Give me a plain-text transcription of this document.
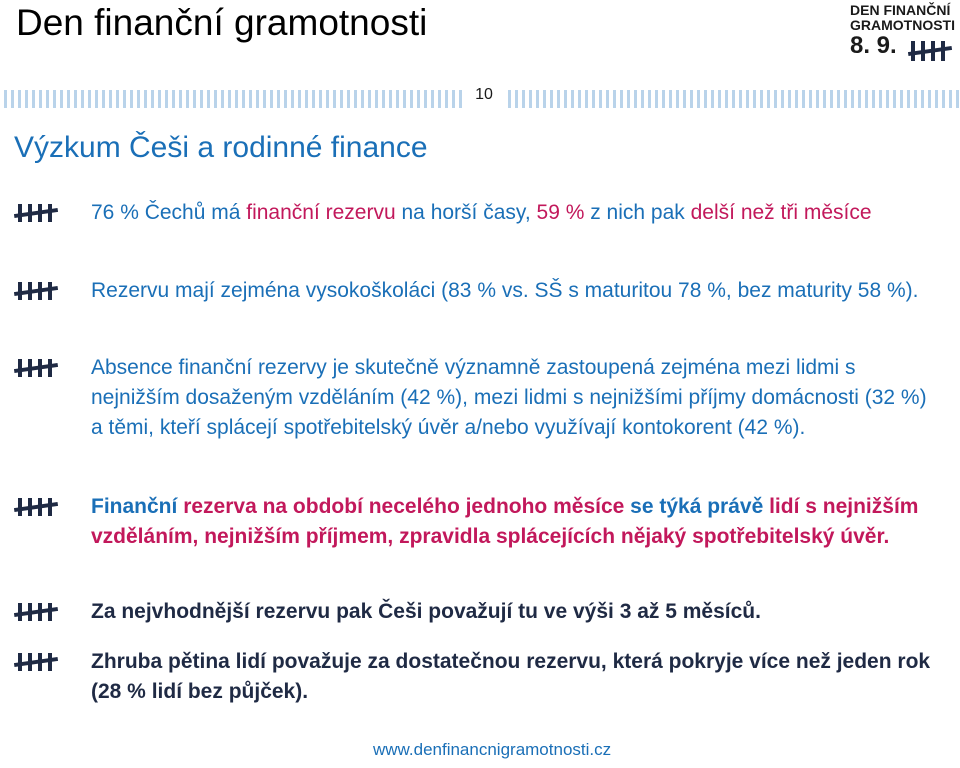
Den finanční gramotnosti	DEN FINANČNÍ
GRAMOTNOSTI
8. 9.
10
Výzkum Češi a rodinné finance
76 % Čechů má finanční rezervu na horší časy, 59 % z nich pak delší než tři měsíce
Rezervu mají zejména vysokoškoláci (83 % vs. SŠ s maturitou 78 %, bez maturity 58 %).
Absence finanční rezervy je skutečně významně zastoupená zejména mezi lidmi s nejnižším dosaženým vzděláním (42 %), mezi lidmi s nejnižšími příjmy domácnosti (32 %) a těmi, kteří splácejí spotřebitelský úvěr a/nebo využívají kontokorent (42 %).
Finanční rezerva na období necelého jednoho měsíce se týká právě lidí s nejnižším vzděláním, nejnižším příjmem, zpravidla splácejících nějaký spotřebitelský úvěr.
Za nejvhodnější rezervu pak Češi považují tu ve výši 3 až 5 měsíců.
Zhruba pětina lidí považuje za dostatečnou rezervu, která pokryje více než jeden rok (28 % lidí bez půjček).
www.denfinancnigramotnosti.cz
